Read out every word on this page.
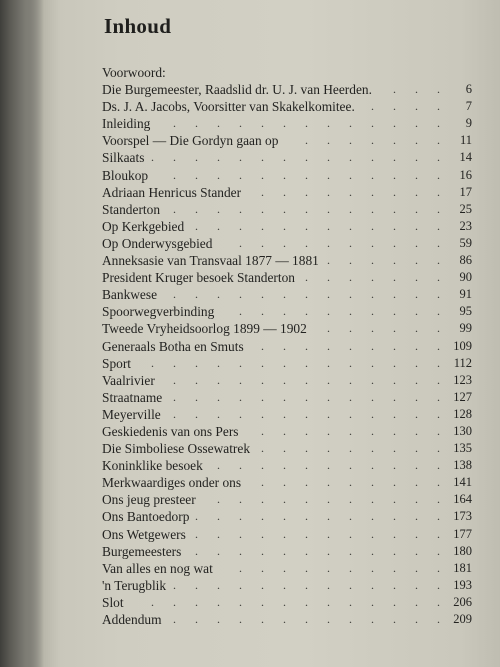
Inhoud
Voorwoord:
Die Burgemeester, Raadslid dr. U. J. van Heerden. . . . 6
Ds. J. A. Jacobs, Voorsitter van Skakelkomitee. . . . . 7
Inleiding . . . . . . . . . . . . . 9
Voorspel — Die Gordyn gaan op . . . . . . . 11
Silkaats . . . . . . . . . . . . . . 14
Bloukop . . . . . . . . . . . . . 16
Adriaan Henricus Stander . . . . . . . . . 17
Standerton . . . . . . . . . . . . . 25
Op Kerkgebied . . . . . . . . . . . . 23
Op Onderwysgebied . . . . . . . . . . 59
Anneksasie van Transvaal 1877 — 1881 . . . . . . 86
President Kruger besoek Standerton . . . . . . . 90
Bankwese . . . . . . . . . . . . . 91
Spoorwegverbinding . . . . . . . . . . 95
Tweede Vryheidsoorlog 1899 — 1902 . . . . . . 99
Generaals Botha en Smuts . . . . . . . . . 109
Sport . . . . . . . . . . . . . . 112
Vaalrivier . . . . . . . . . . . . . 123
Straatname . . . . . . . . . . . . . 127
Meyerville . . . . . . . . . . . . . 128
Geskiedenis van ons Pers . . . . . . . . . 130
Die Simboliese Ossewatrek . . . . . . . . . 135
Koninklike besoek . . . . . . . . . . . 138
Merkwaardiges onder ons . . . . . . . . . 141
Ons jeug presteer . . . . . . . . . . . 164
Ons Bantoedorp . . . . . . . . . . . . 173
Ons Wetgewers . . . . . . . . . . . . 177
Burgemeesters . . . . . . . . . . . . 180
Van alles en nog wat . . . . . . . . . . 181
'n Terugblik . . . . . . . . . . . . . 193
Slot . . . . . . . . . . . . . . 206
Addendum . . . . . . . . . . . . . 209
